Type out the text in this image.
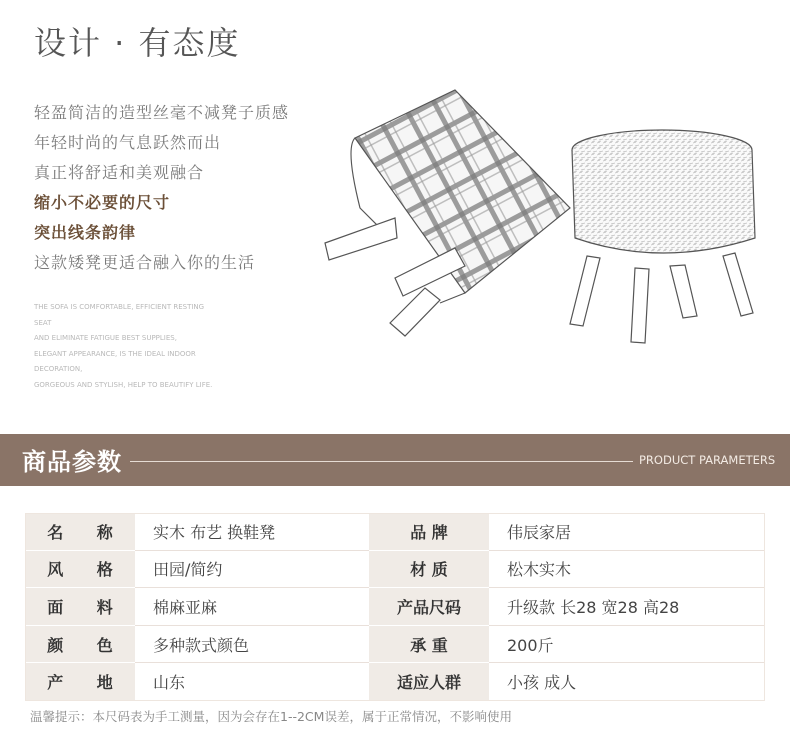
设计 · 有态度
轻盈简洁的造型丝毫不减凳子质感
年轻时尚的气息跃然而出
真正将舒适和美观融合
缩小不必要的尺寸
突出线条韵律
这款矮凳更适合融入你的生活
THE SOFA IS COMFORTABLE, EFFICIENT RESTING
SEAT
AND ELIMINATE FATIGUE BEST SUPPLIES,
ELEGANT APPEARANCE, IS THE IDEAL INDOOR
DECORATION,
GORGEOUS AND STYLISH, HELP TO BEAUTIFY LIFE.
商品参数	PRODUCT PARAMETERS
名 称	实木 布艺 换鞋凳	品 牌	伟辰家居
风 格	田园/简约	材 质	松木实木
面 料	棉麻亚麻	产品尺码	升级款 长28 宽28 高28
颜 色	多种款式颜色	承 重	200斤
产 地	山东	适应人群	小孩 成人
温馨提示：本尺码表为手工测量，因为会存在1--2CM误差，属于正常情况，不影响使用
